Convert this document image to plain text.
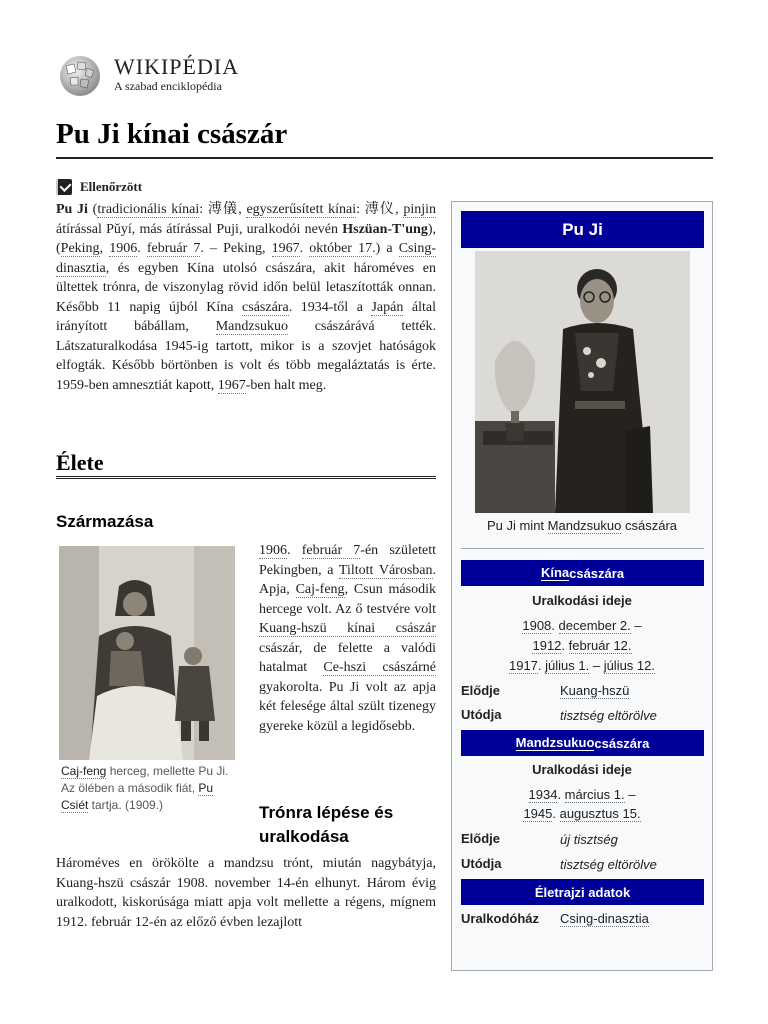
WIKIPÉDIA
A szabad enciklopédia
Pu Ji kínai császár
Ellenőrzött

Pu Ji (tradicionális kínai: 溥儀, egyszerűsített kínai: 溥仪, pinjin átírással Pǔyí, más átírással Puji, uralkodói nevén Hszüan-T'ung), (Peking, 1906. február 7. – Peking, 1967. október 17.) a Csing-dinasztia, és egyben Kína utolsó császára, akit hároméves en ültettek trónra, de viszonylag rövid időn belül letaszították onnan. Később 11 napig újból Kína császára. 1934-től a Japán által irányított bábállam, Mandzsukuo császárává tették. Látszaturalkodása 1945-ig tartott, mikor is a szovjet hatóságok elfogták. Később börtönben is volt és több megaláztatás is érte. 1959-ben amnesztiát kapott, 1967-ben halt meg.

Élete
Származása

Caj-feng herceg, mellette Pu Ji. Az ölében a második fiát, Pu Csiét tartja. (1909.)

1906. február 7-én született Pekingben, a Tiltott Városban. Apja, Caj-feng, Csun második hercege volt. Az ő testvére volt Kuang-hszü kínai császár császár, de felette a valódi hatalmat Ce-hszi császárné gyakorolta. Pu Ji volt az apja két felesége által szült tizenegy gyereke közül a legidősebb.

Trónra lépése és uralkodása

Hároméves en örökölte a mandzsu trónt, miután nagybátyja, Kuang-hszü császár 1908. november 14-én elhunyt. Három évig uralkodott, kiskorúsága miatt apja volt mellette a régens, mígnem 1912. február 12-én az előző évben lezajlott

Pu Ji
Pu Ji mint Mandzsukuo császára
Kína császára
Uralkodási ideje
1908. december 2. –
1912. február 12.
1917. július 1. – július 12.
Elődje	Kuang-hszü
Utódja	tisztség eltörölve
Mandzsukuo császára
Uralkodási ideje
1934. március 1. –
1945. augusztus 15.
Elődje	új tisztség
Utódja	tisztség eltörölve
Életrajzi adatok
Uralkodóház Csing-dinasztia
